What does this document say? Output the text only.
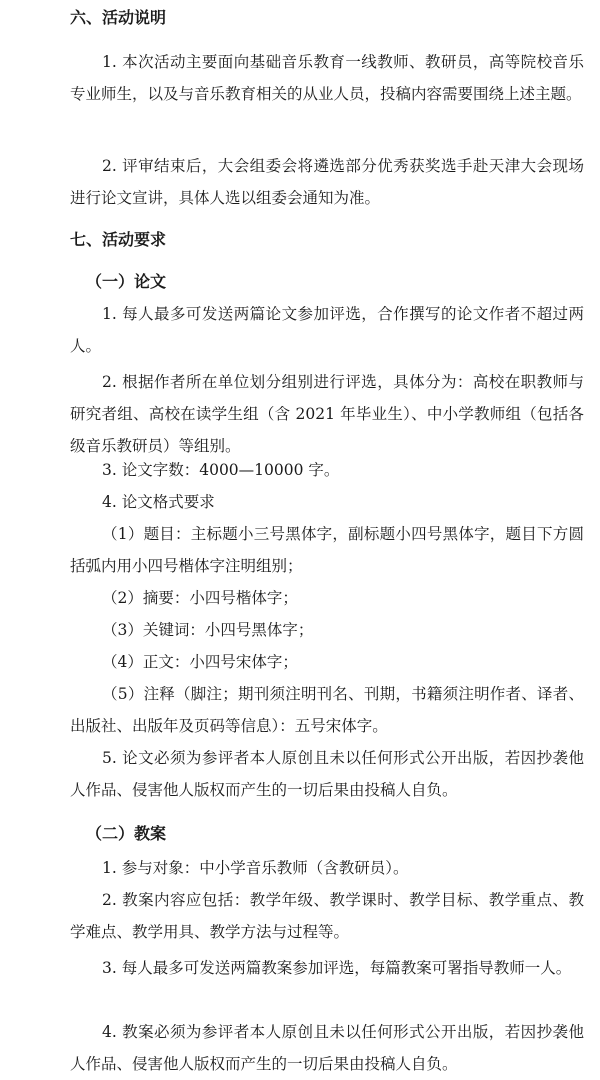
六、活动说明
1. 本次活动主要面向基础音乐教育一线教师、教研员，高等院校音乐专业师生，以及与音乐教育相关的从业人员，投稿内容需要围绕上述主题。
2. 评审结束后，大会组委会将遴选部分优秀获奖选手赴天津大会现场进行论文宣讲，具体人选以组委会通知为准。
七、活动要求
（一）论文
1. 每人最多可发送两篇论文参加评选，合作撰写的论文作者不超过两人。
2. 根据作者所在单位划分组别进行评选，具体分为：高校在职教师与研究者组、高校在读学生组（含 2021 年毕业生）、中小学教师组（包括各级音乐教研员）等组别。
3. 论文字数：4000—10000 字。
4. 论文格式要求
（1）题目：主标题小三号黑体字，副标题小四号黑体字，题目下方圆括弧内用小四号楷体字注明组别；
（2）摘要：小四号楷体字；
（3）关键词：小四号黑体字；
（4）正文：小四号宋体字；
（5）注释（脚注；期刊须注明刊名、刊期，书籍须注明作者、译者、出版社、出版年及页码等信息）：五号宋体字。
5. 论文必须为参评者本人原创且未以任何形式公开出版，若因抄袭他人作品、侵害他人版权而产生的一切后果由投稿人自负。
（二）教案
1. 参与对象：中小学音乐教师（含教研员）。
2. 教案内容应包括：教学年级、教学课时、教学目标、教学重点、教学难点、教学用具、教学方法与过程等。
3. 每人最多可发送两篇教案参加评选，每篇教案可署指导教师一人。
4. 教案必须为参评者本人原创且未以任何形式公开出版，若因抄袭他人作品、侵害他人版权而产生的一切后果由投稿人自负。
